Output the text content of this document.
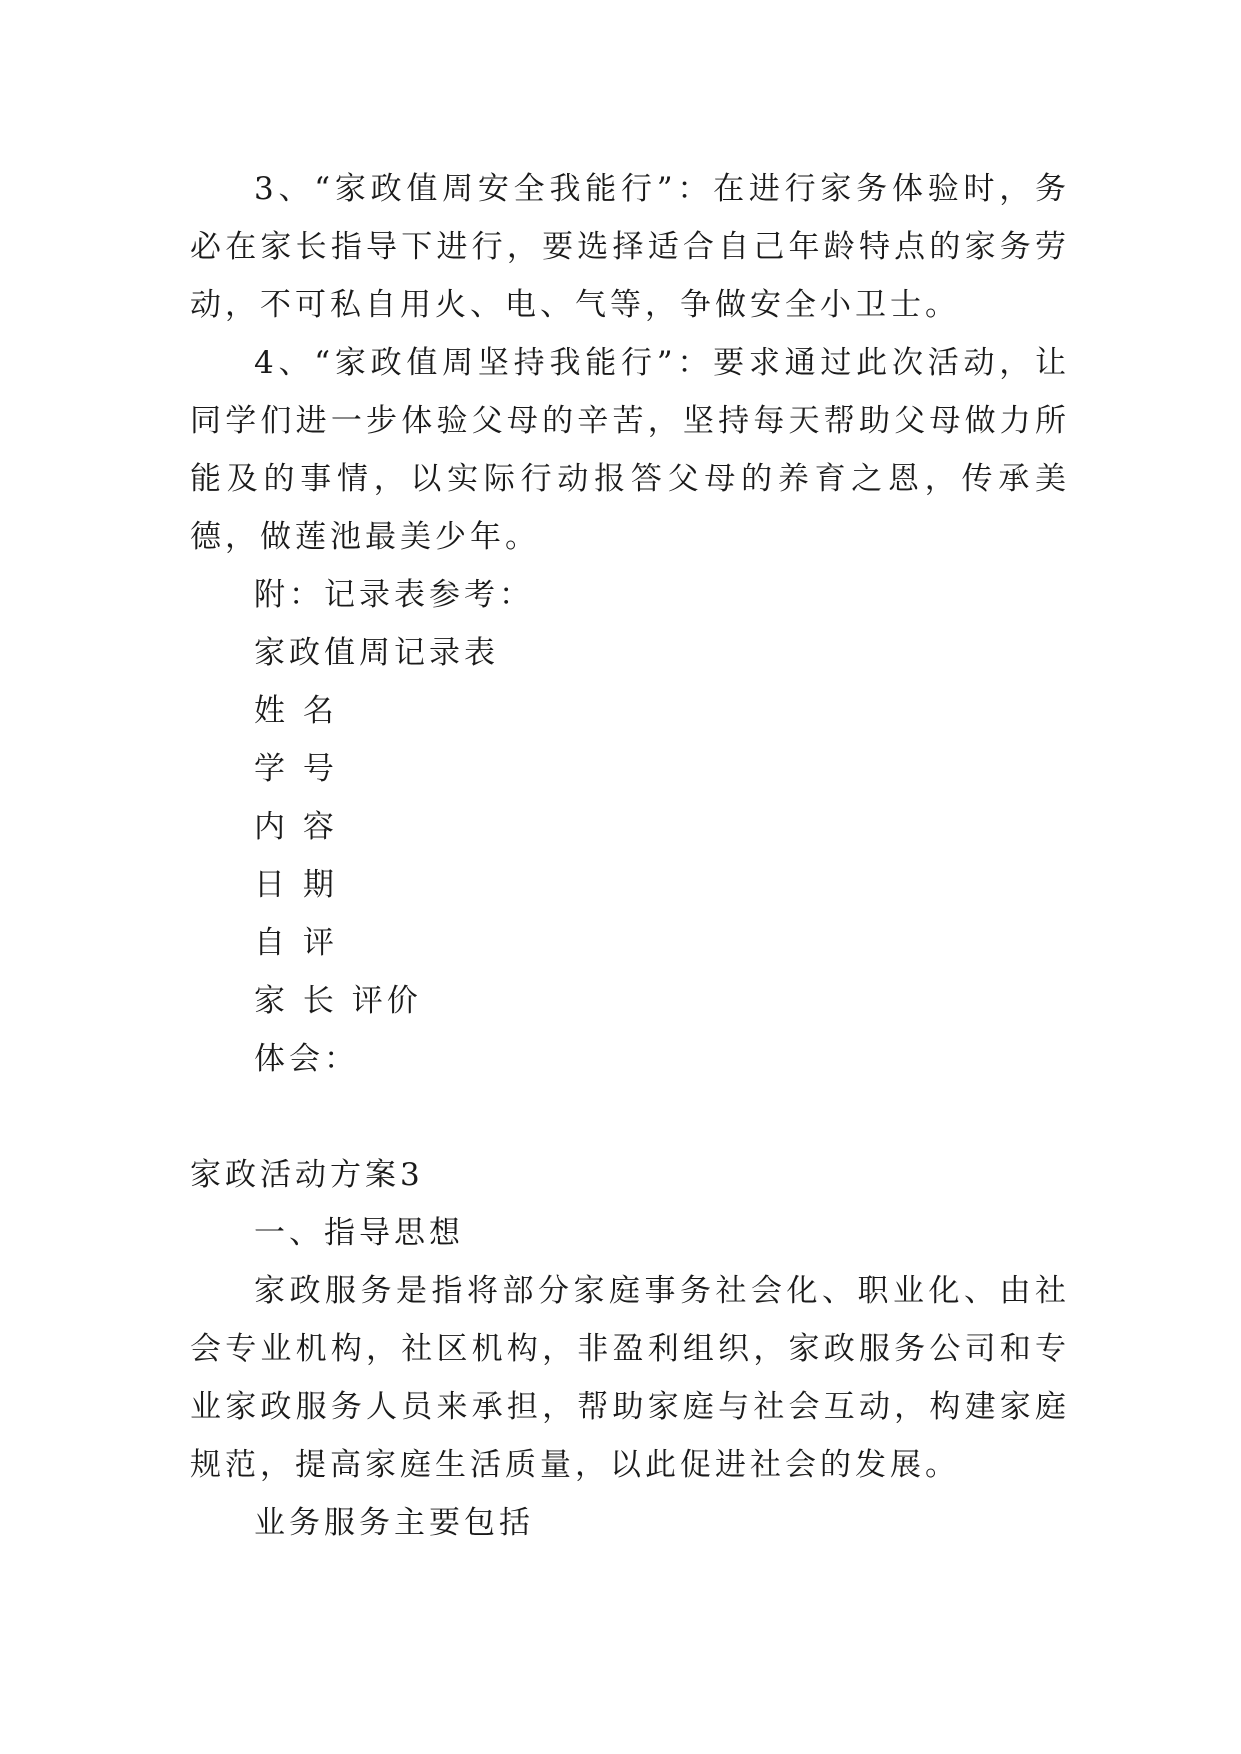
3、“家政值周安全我能行”：在进行家务体验时，务必在家长指导下进行，要选择适合自己年龄特点的家务劳动，不可私自用火、电、气等，争做安全小卫士。

4、“家政值周坚持我能行”：要求通过此次活动，让同学们进一步体验父母的辛苦，坚持每天帮助父母做力所能及的事情，以实际行动报答父母的养育之恩，传承美德，做莲池最美少年。

附：记录表参考：

家政值周记录表

姓 名

学 号

内 容

日 期

自 评

家 长 评价

体会：

家政活动方案3

一、指导思想

家政服务是指将部分家庭事务社会化、职业化、由社会专业机构，社区机构，非盈利组织，家政服务公司和专业家政服务人员来承担，帮助家庭与社会互动，构建家庭规范，提高家庭生活质量，以此促进社会的发展。

业务服务主要包括
